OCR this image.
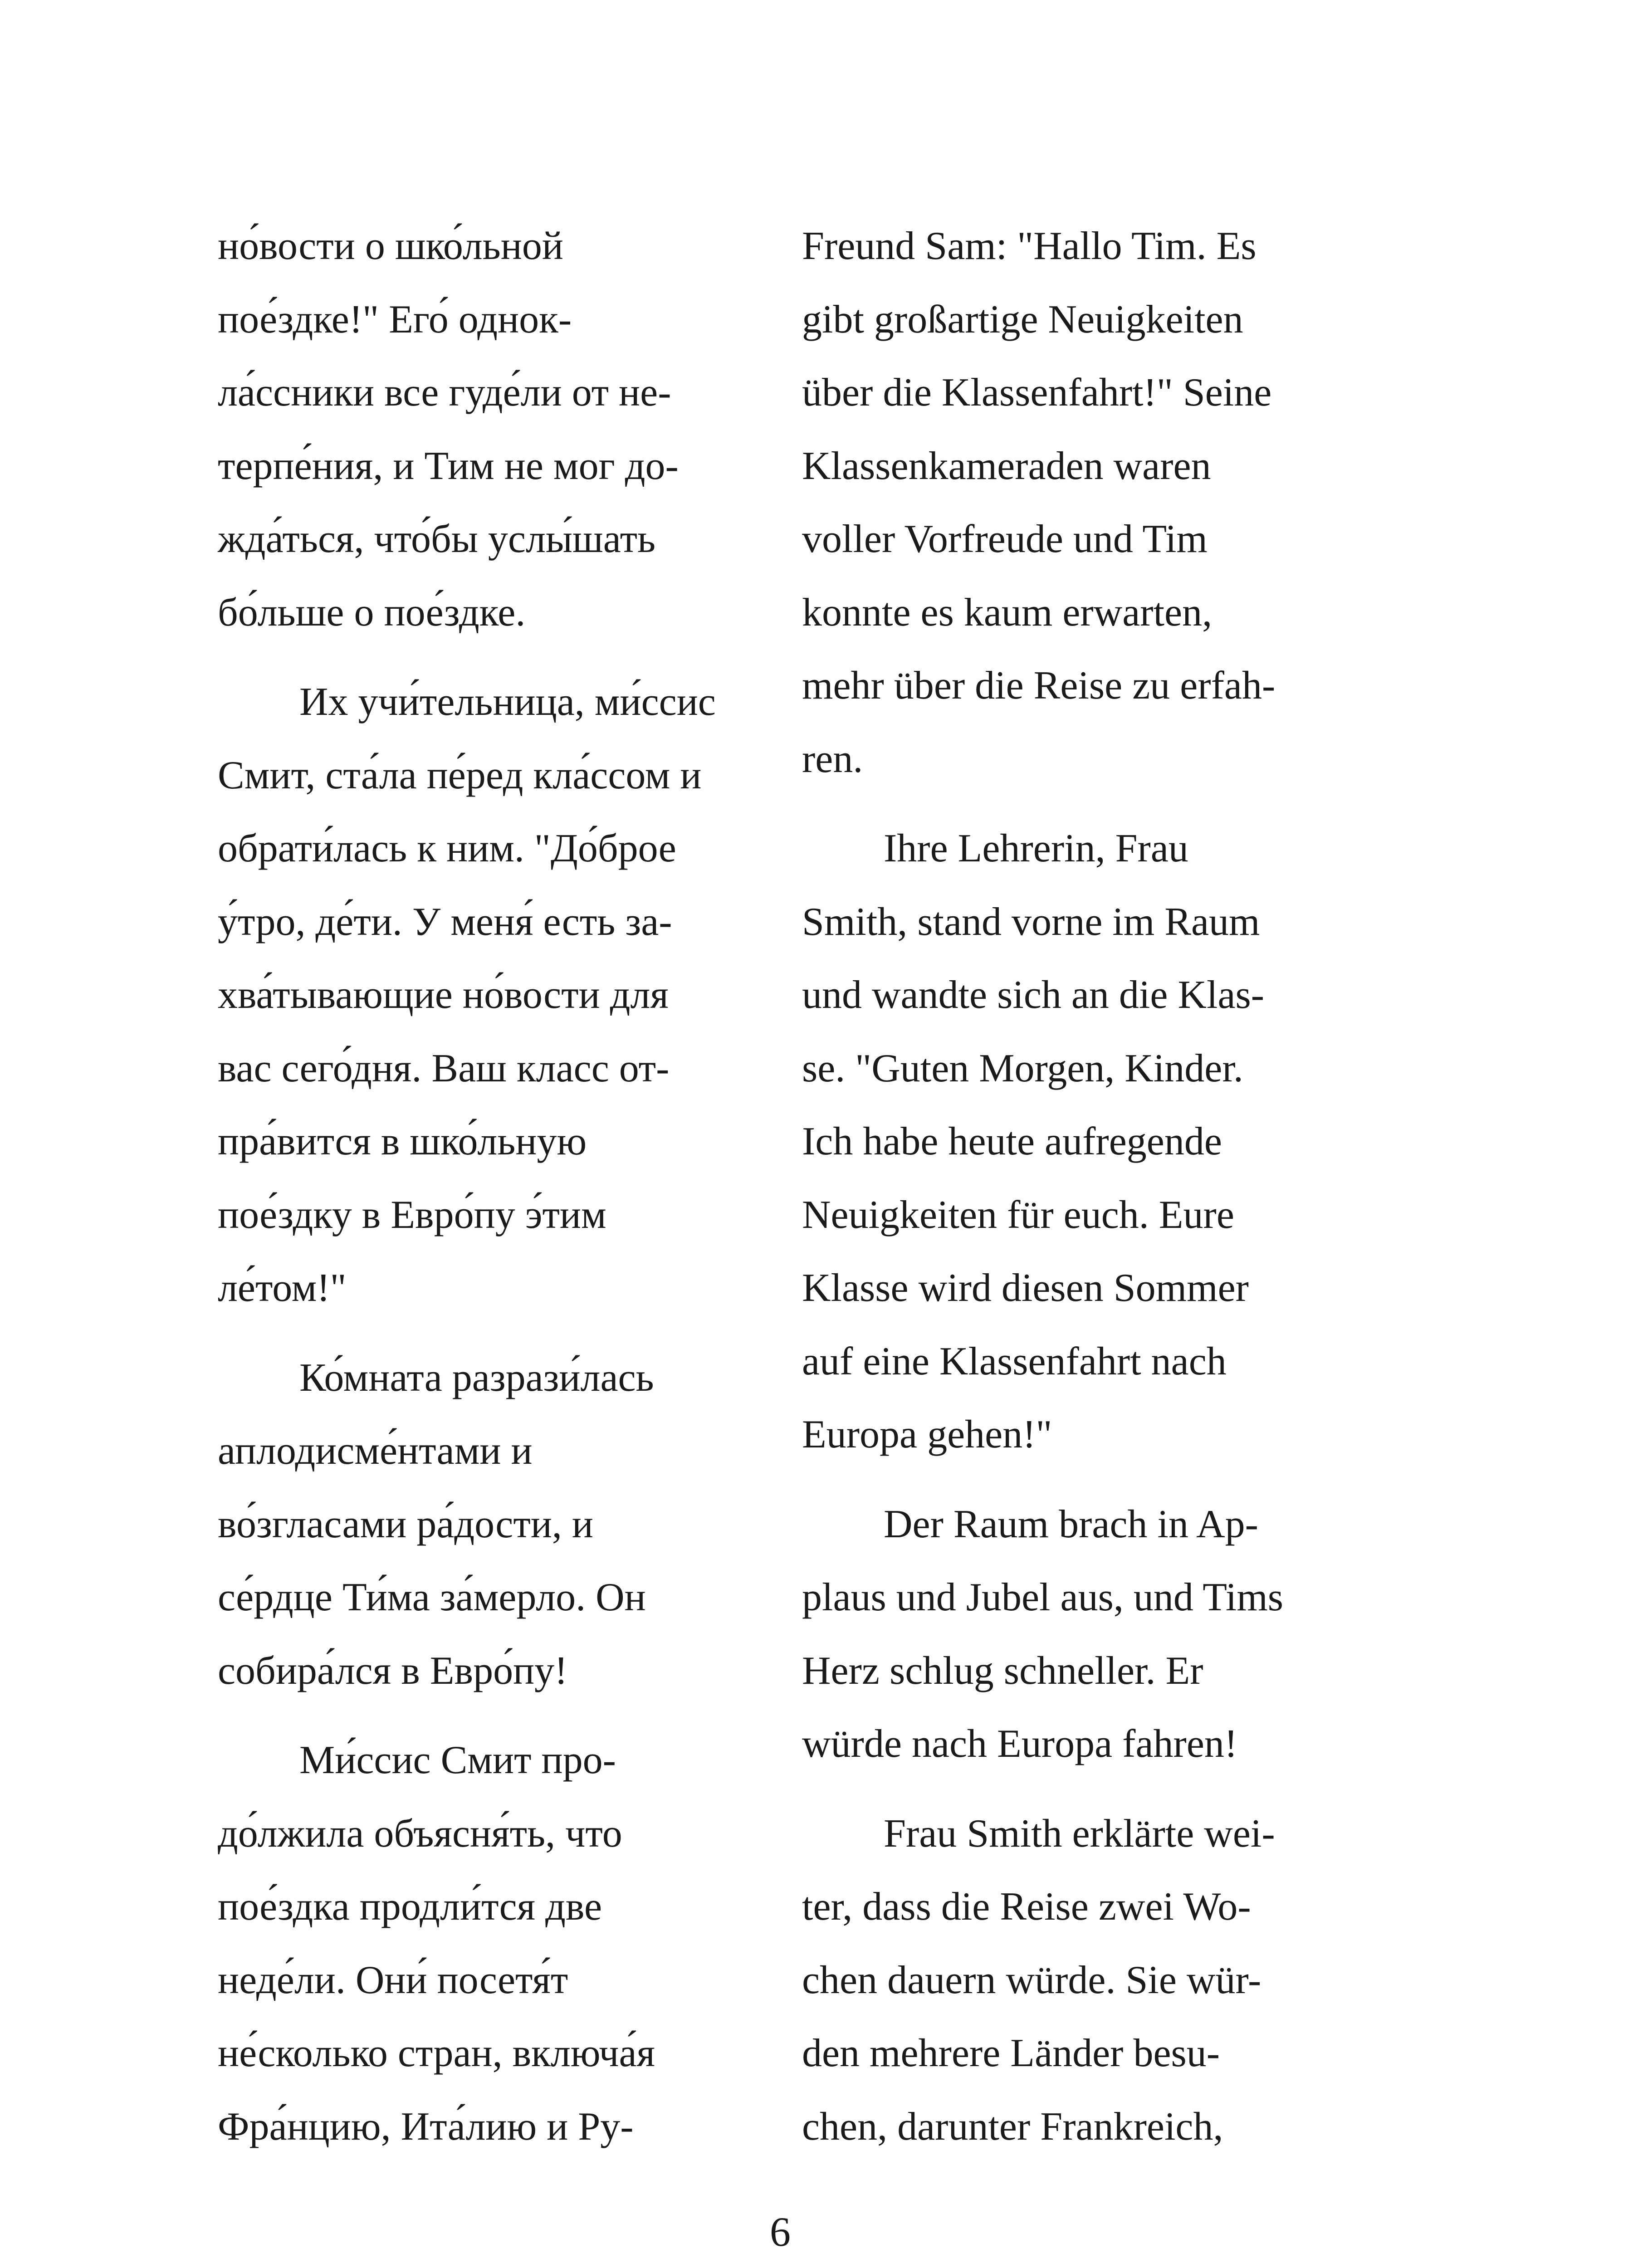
но́вости о шко́льной
пое́здке!" Его́ однок-
ла́ссники все гуде́ли от не-
терпе́ния, и Тим не мог до-
жда́ться, что́бы услы́шать
бо́льше о пое́здке.
Их учи́тельница, ми́ссис
Смит, ста́ла пе́ред кла́ссом и
обрати́лась к ним. "До́брое
у́тро, де́ти. У меня́ есть за-
хва́тывающие но́вости для
вас сего́дня. Ваш класс от-
пра́вится в шко́льную
пое́здку в Евро́пу э́тим
ле́том!"
Ко́мната разрази́лась
аплодисме́нтами и
во́згласами ра́дости, и
се́рдце Ти́ма за́мерло. Он
собира́лся в Евро́пу!
Ми́ссис Смит про-
до́лжила объясня́ть, что
пое́здка продли́тся две
неде́ли. Они́ посетя́т
не́сколько стран, включа́я
Фра́нцию, Ита́лию и Ру-
Freund Sam: "Hallo Tim. Es
gibt großartige Neuigkeiten
über die Klassenfahrt!" Seine
Klassenkameraden waren
voller Vorfreude und Tim
konnte es kaum erwarten,
mehr über die Reise zu erfah-
ren.
Ihre Lehrerin, Frau
Smith, stand vorne im Raum
und wandte sich an die Klas-
se. "Guten Morgen, Kinder.
Ich habe heute aufregende
Neuigkeiten für euch. Eure
Klasse wird diesen Sommer
auf eine Klassenfahrt nach
Europa gehen!"
Der Raum brach in Ap-
plaus und Jubel aus, und Tims
Herz schlug schneller. Er
würde nach Europa fahren!
Frau Smith erklärte wei-
ter, dass die Reise zwei Wo-
chen dauern würde. Sie wür-
den mehrere Länder besu-
chen, darunter Frankreich,
6
